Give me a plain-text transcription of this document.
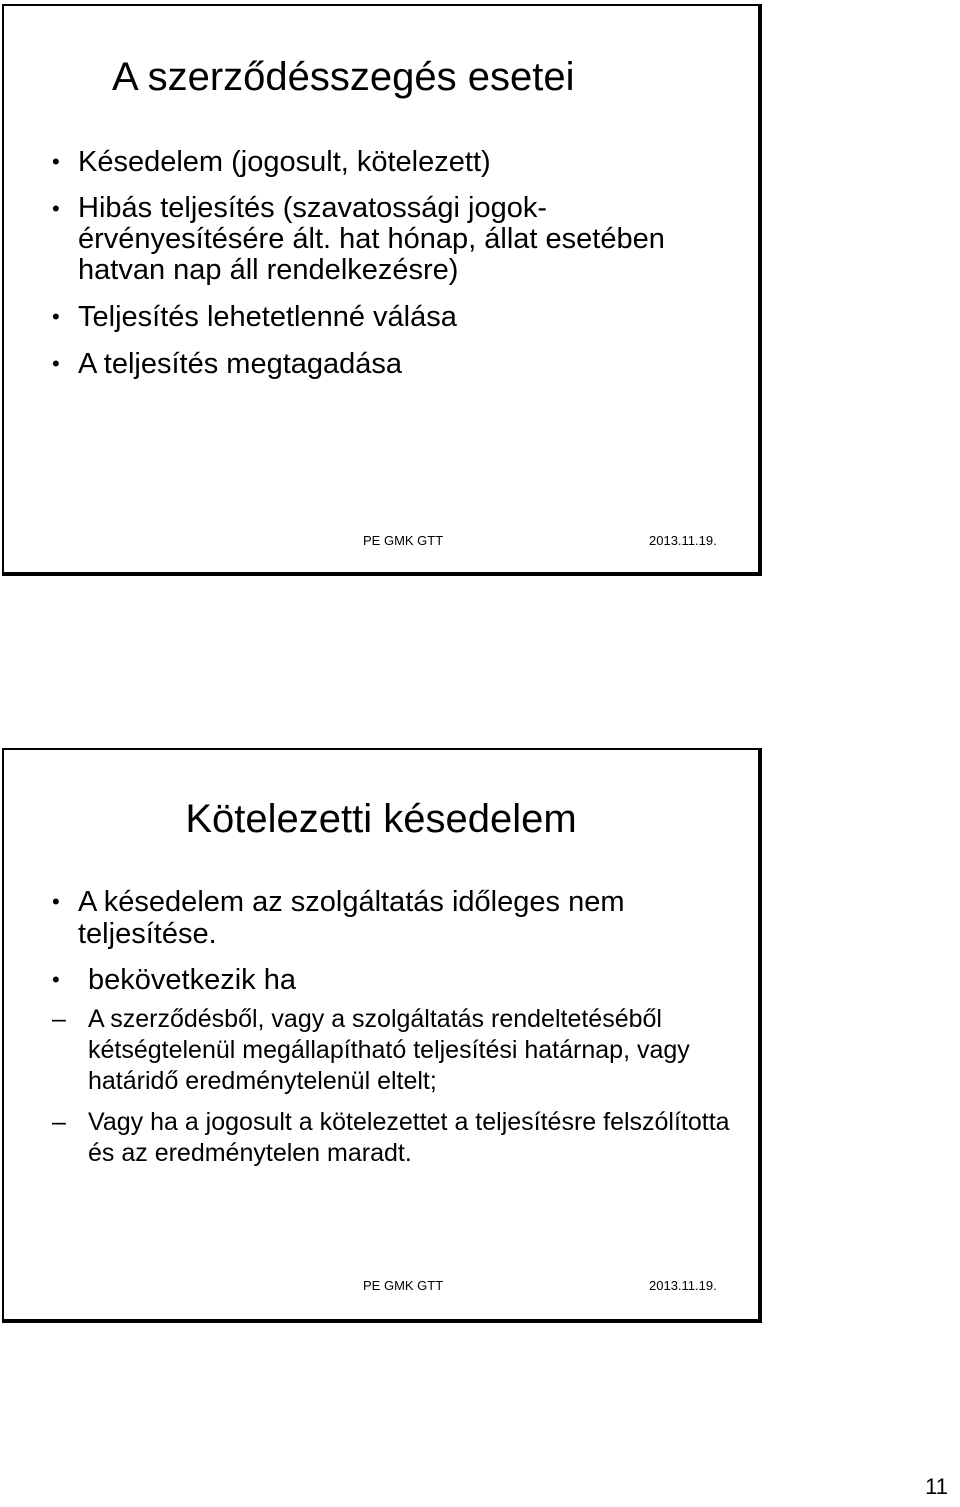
A szerződésszegés esetei
• Késedelem (jogosult, kötelezett)
• Hibás teljesítés (szavatossági jogok-érvényesítésére ált. hat hónap, állat esetében hatvan nap áll rendelkezésre)
• Teljesítés lehetetlenné válása
• A teljesítés megtagadása
PE GMK GTT	2013.11.19.
Kötelezetti késedelem
• A késedelem az szolgáltatás időleges nem teljesítése.
• bekövetkezik ha
– A szerződésből, vagy a szolgáltatás rendeltetéséből kétségtelenül megállapítható teljesítési határnap, vagy határidő eredménytelenül eltelt;
– Vagy ha a jogosult a kötelezettet a teljesítésre felszólította és az eredménytelen maradt.
PE GMK GTT	2013.11.19.
11
